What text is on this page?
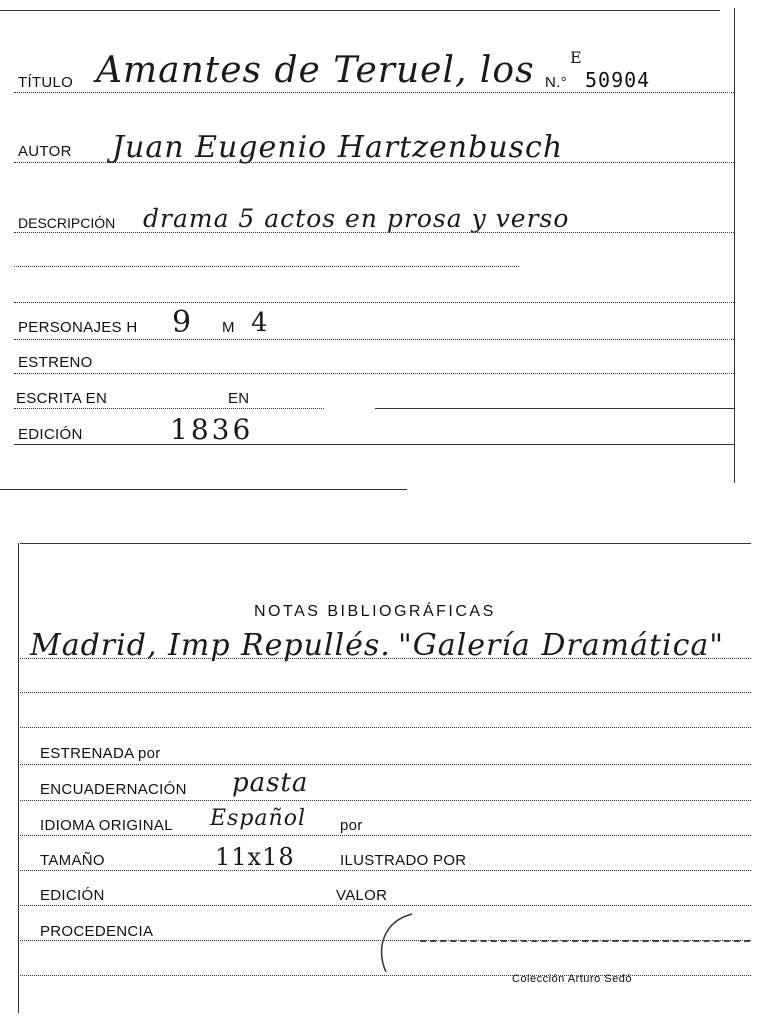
TÍTULO Amantes de Teruel, los N.°
E
50904
AUTOR Juan Eugenio Hartzenbusch
DESCRIPCIÓN drama 5 actos en prosa y verso
PERSONAJES H 9 M 4
ESTRENO
ESCRITA EN	EN
EDICIÓN	1836
NOTAS BIBLIOGRÁFICAS
Madrid, Imp Repullés. "Galería Dramática"
ESTRENADA por
ENCUADERNACIÓN pasta
IDIOMA ORIGINAL Español por
TAMAÑO	11x18	ILUSTRADO POR
EDICIÓN	VALOR
PROCEDENCIA
Colección Arturo Sedó
